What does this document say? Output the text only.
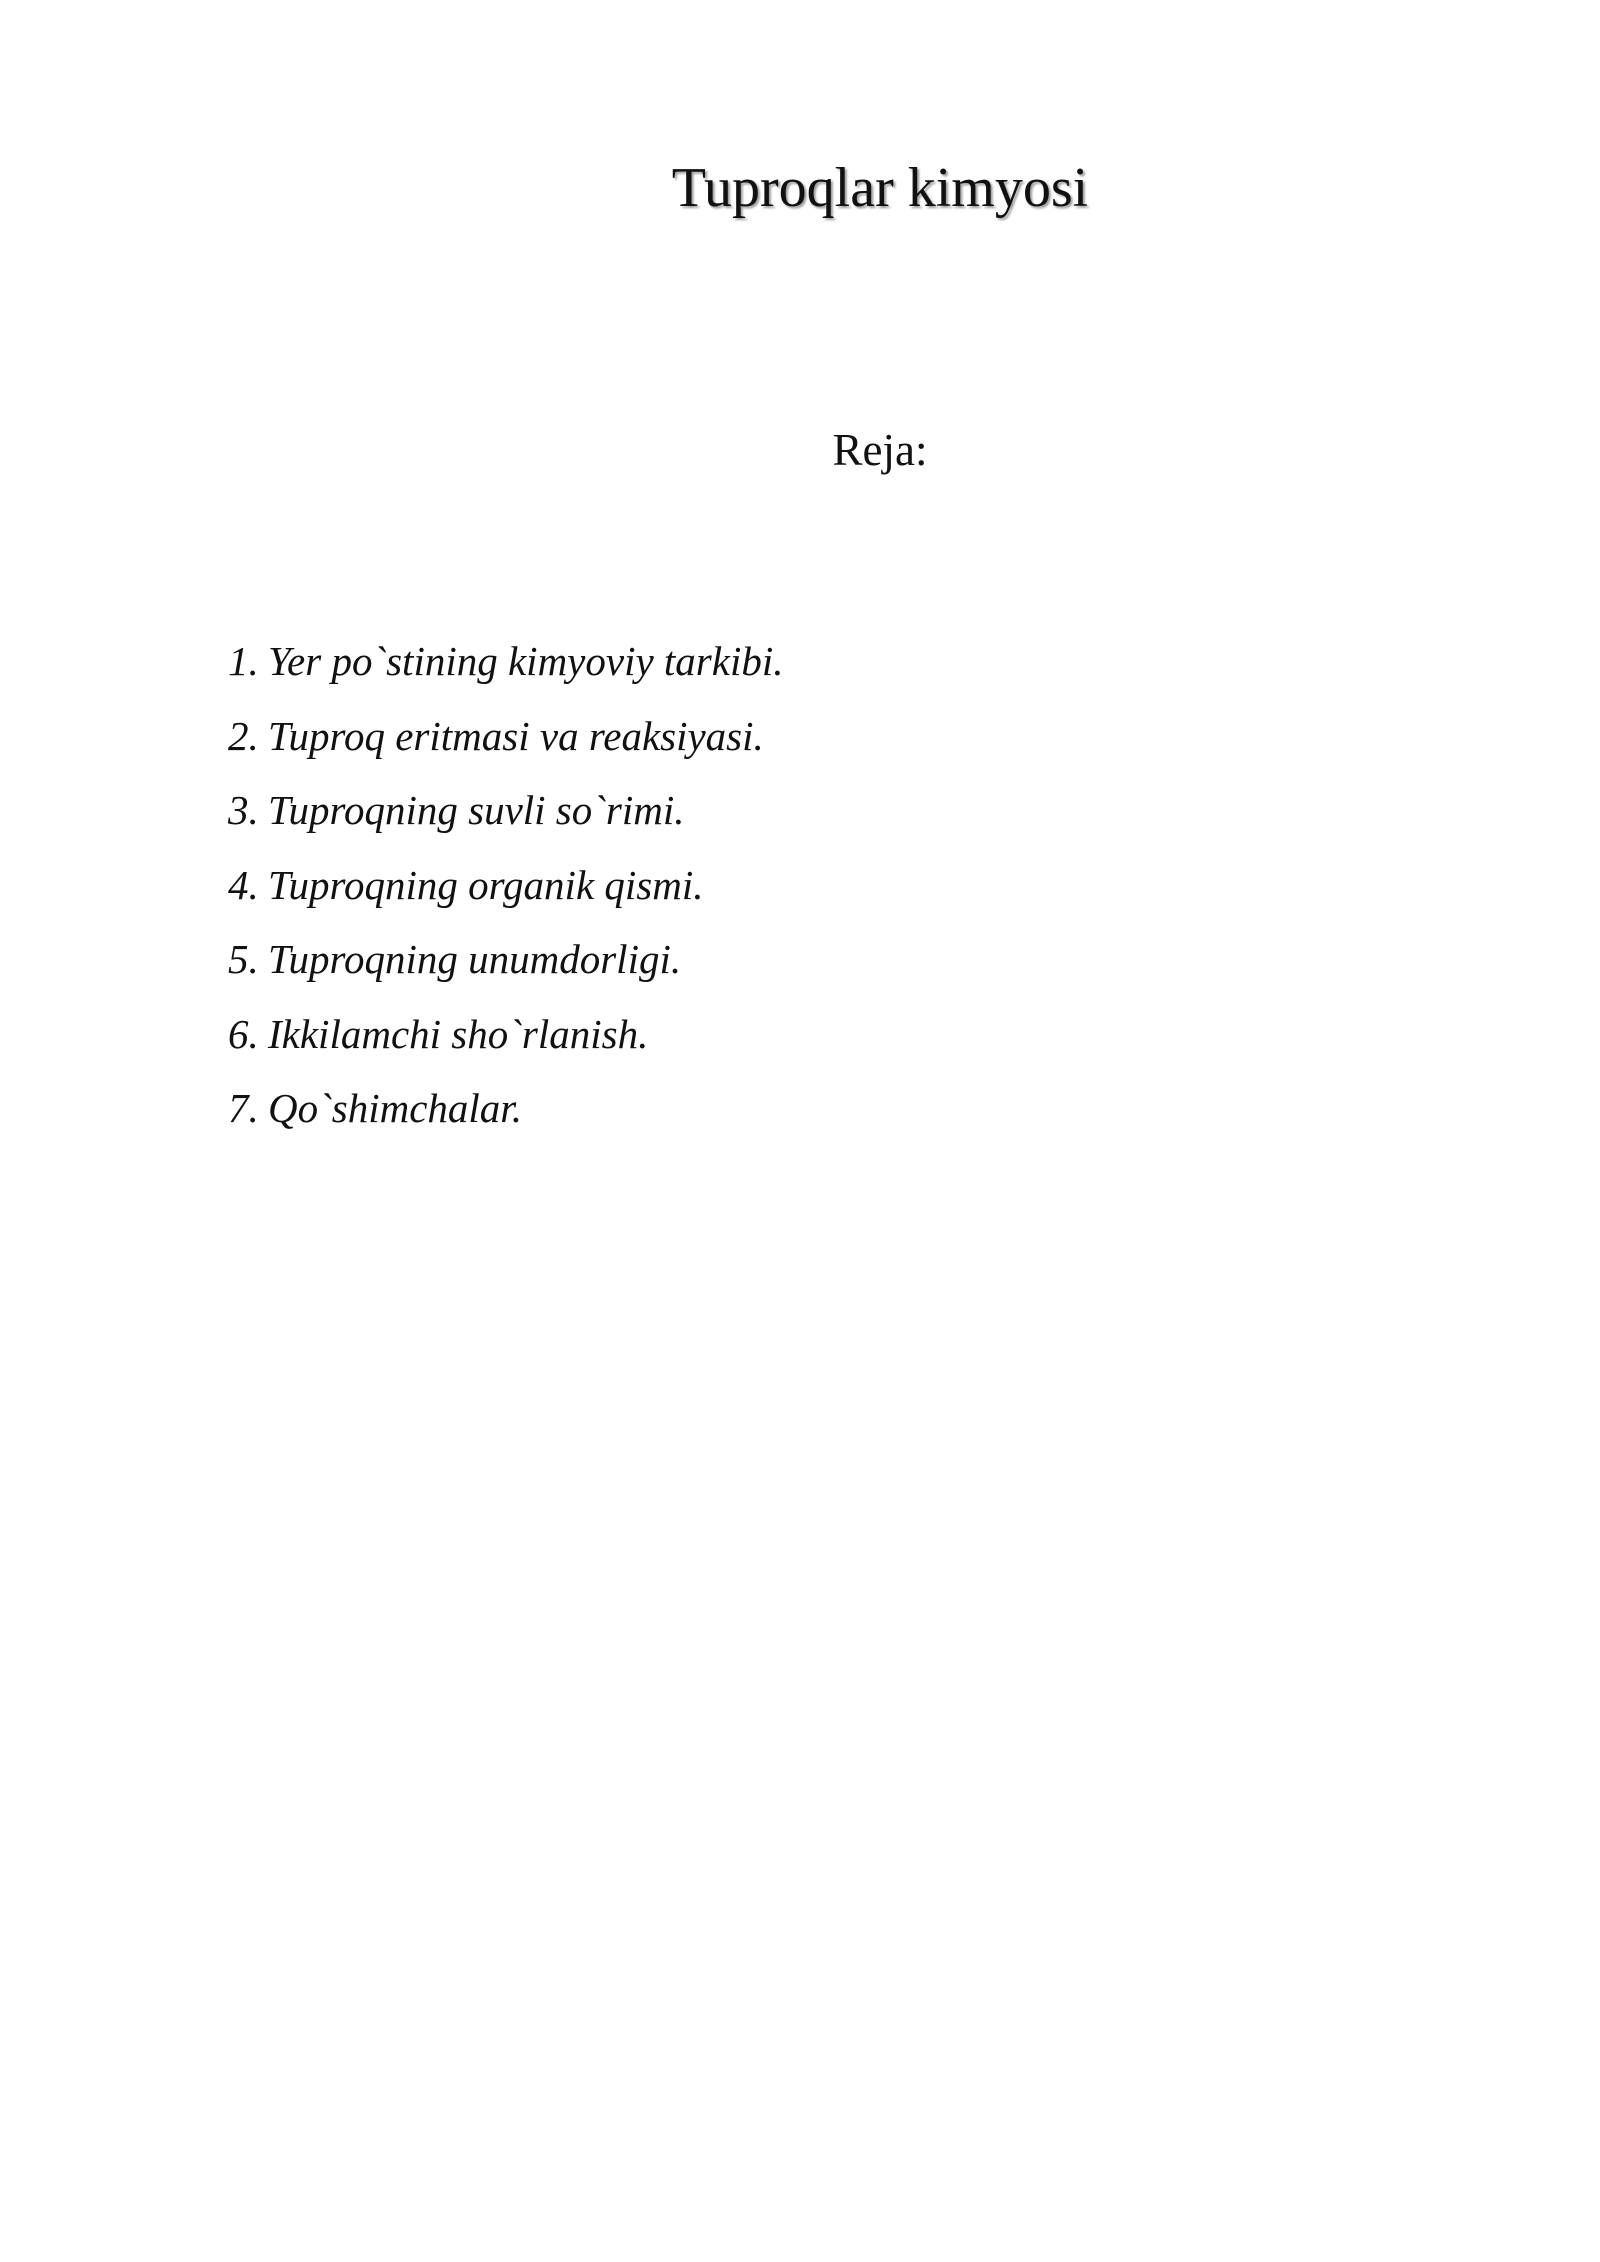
Tuproqlar kimyosi
Reja:
1. Yer po`stining kimyoviy tarkibi.
2. Tuproq eritmasi va reaksiyasi.
3. Tuproqning suvli so`rimi.
4. Tuproqning organik qismi.
5. Tuproqning unumdorligi.
6. Ikkilamchi sho`rlanish.
7. Qo`shimchalar.
